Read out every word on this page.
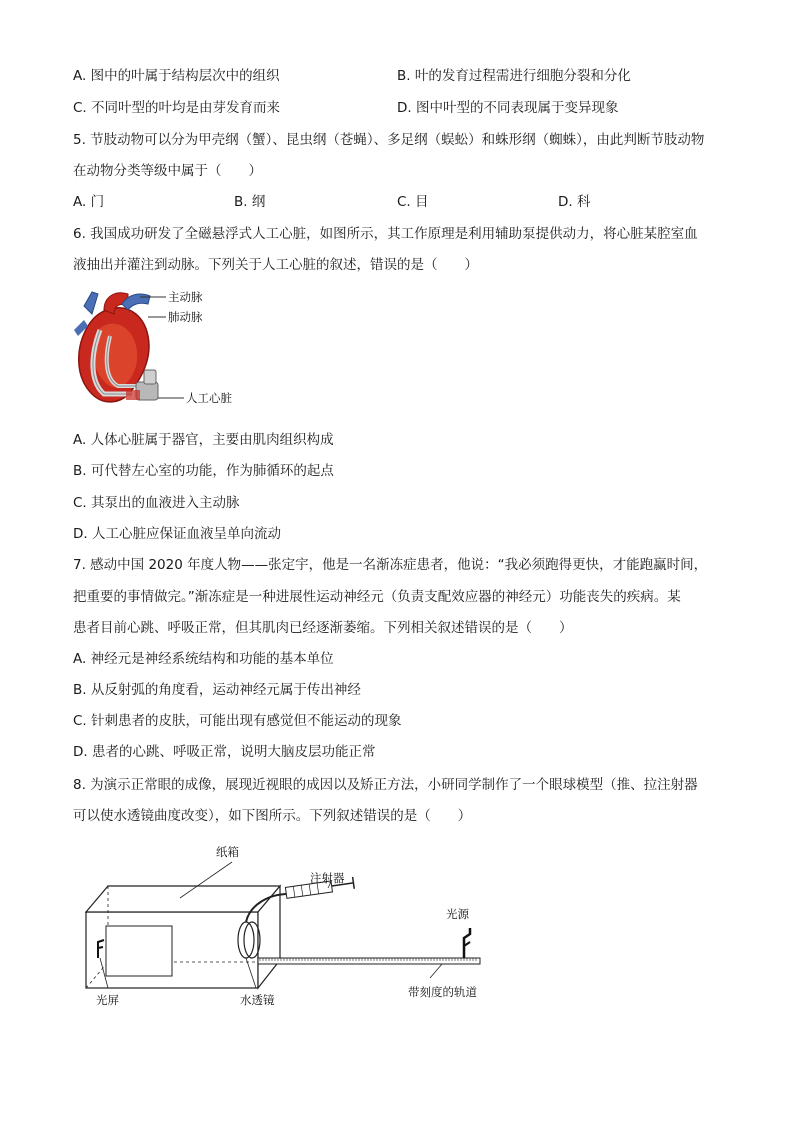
A. 图中的叶属于结构层次中的组织	B. 叶的发育过程需进行细胞分裂和分化
C. 不同叶型的叶均是由芽发育而来	D. 图中叶型的不同表现属于变异现象
5. 节肢动物可以分为甲壳纲（蟹）、昆虫纲（苍蝇）、多足纲（蜈蚣）和蛛形纲（蜘蛛），由此判断节肢动物
在动物分类等级中属于（　　）
A. 门	B. 纲	C. 目	D. 科
6. 我国成功研发了全磁悬浮式人工心脏，如图所示，其工作原理是利用辅助泵提供动力，将心脏某腔室血
液抽出并灌注到动脉。下列关于人工心脏的叙述，错误的是（　　）
主动脉
肺动脉
人工心脏
A. 人体心脏属于器官，主要由肌肉组织构成
B. 可代替左心室的功能，作为肺循环的起点
C. 其泵出的血液进入主动脉
D. 人工心脏应保证血液呈单向流动
7. 感动中国 2020 年度人物——张定宇，他是一名渐冻症患者，他说：“我必须跑得更快，才能跑赢时间，
把重要的事情做完。”渐冻症是一种进展性运动神经元（负责支配效应器的神经元）功能丧失的疾病。某
患者目前心跳、呼吸正常，但其肌肉已经逐渐萎缩。下列相关叙述错误的是（　　）
A. 神经元是神经系统结构和功能的基本单位
B. 从反射弧的角度看，运动神经元属于传出神经
C. 针刺患者的皮肤，可能出现有感觉但不能运动的现象
D. 患者的心跳、呼吸正常，说明大脑皮层功能正常
8. 为演示正常眼的成像，展现近视眼的成因以及矫正方法，小研同学制作了一个眼球模型（推、拉注射器
可以使水透镜曲度改变），如下图所示。下列叙述错误的是（　　）
纸箱
注射器
光源
光屏	水透镜
带刻度的轨道
